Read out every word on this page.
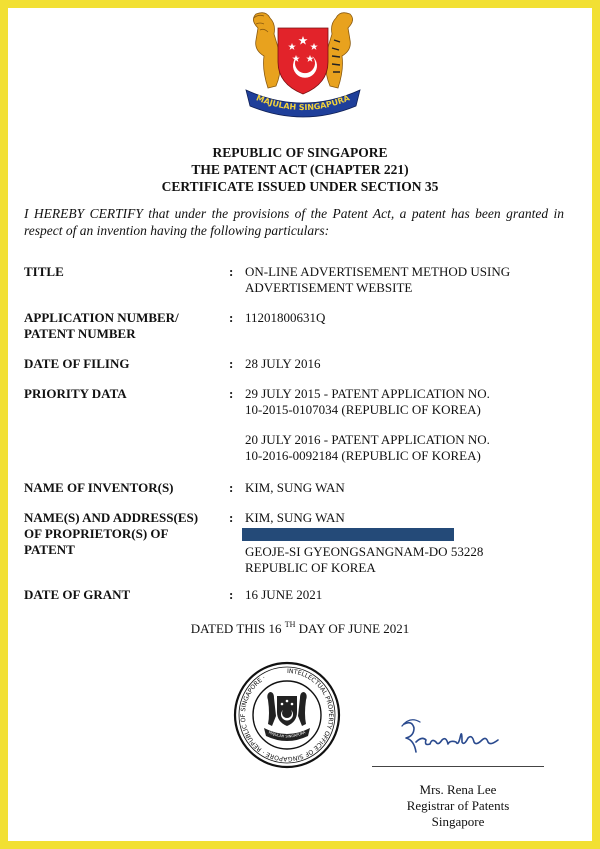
MAJULAH SINGAPURA
REPUBLIC OF SINGAPORE
THE PATENT ACT (CHAPTER 221)
CERTIFICATE ISSUED UNDER SECTION 35
I HEREBY CERTIFY that under the provisions of the Patent Act, a patent has been granted in respect of an invention having the following particulars:
TITLE	: ON-LINE ADVERTISEMENT METHOD USING
ADVERTISEMENT WEBSITE
APPLICATION NUMBER/
PATENT NUMBER
: 11201800631Q
DATE OF FILING	: 28 JULY 2016
PRIORITY DATA	: 29 JULY 2015 - PATENT APPLICATION NO.
10-2015-0107034 (REPUBLIC OF KOREA)
20 JULY 2016 - PATENT APPLICATION NO.
10-2016-0092184 (REPUBLIC OF KOREA)
NAME OF INVENTOR(S)	: KIM, SUNG WAN
NAME(S) AND ADDRESS(ES)
OF PROPRIETOR(S) OF
PATENT
: KIM, SUNG WAN
GEOJE-SI GYEONGSANGNAM-DO 53228
REPUBLIC OF KOREA
DATE OF GRANT	: 16 JUNE 2021
DATED THIS 16 $^{TH}$ DAY OF JUNE 2021
INTELLECTUAL PROPERTY OFFICE OF SINGAPORE · REPUBLIC OF SINGAPORE ·
MAJULAH SINGAPURA
Mrs. Rena Lee
Registrar of Patents
Singapore
